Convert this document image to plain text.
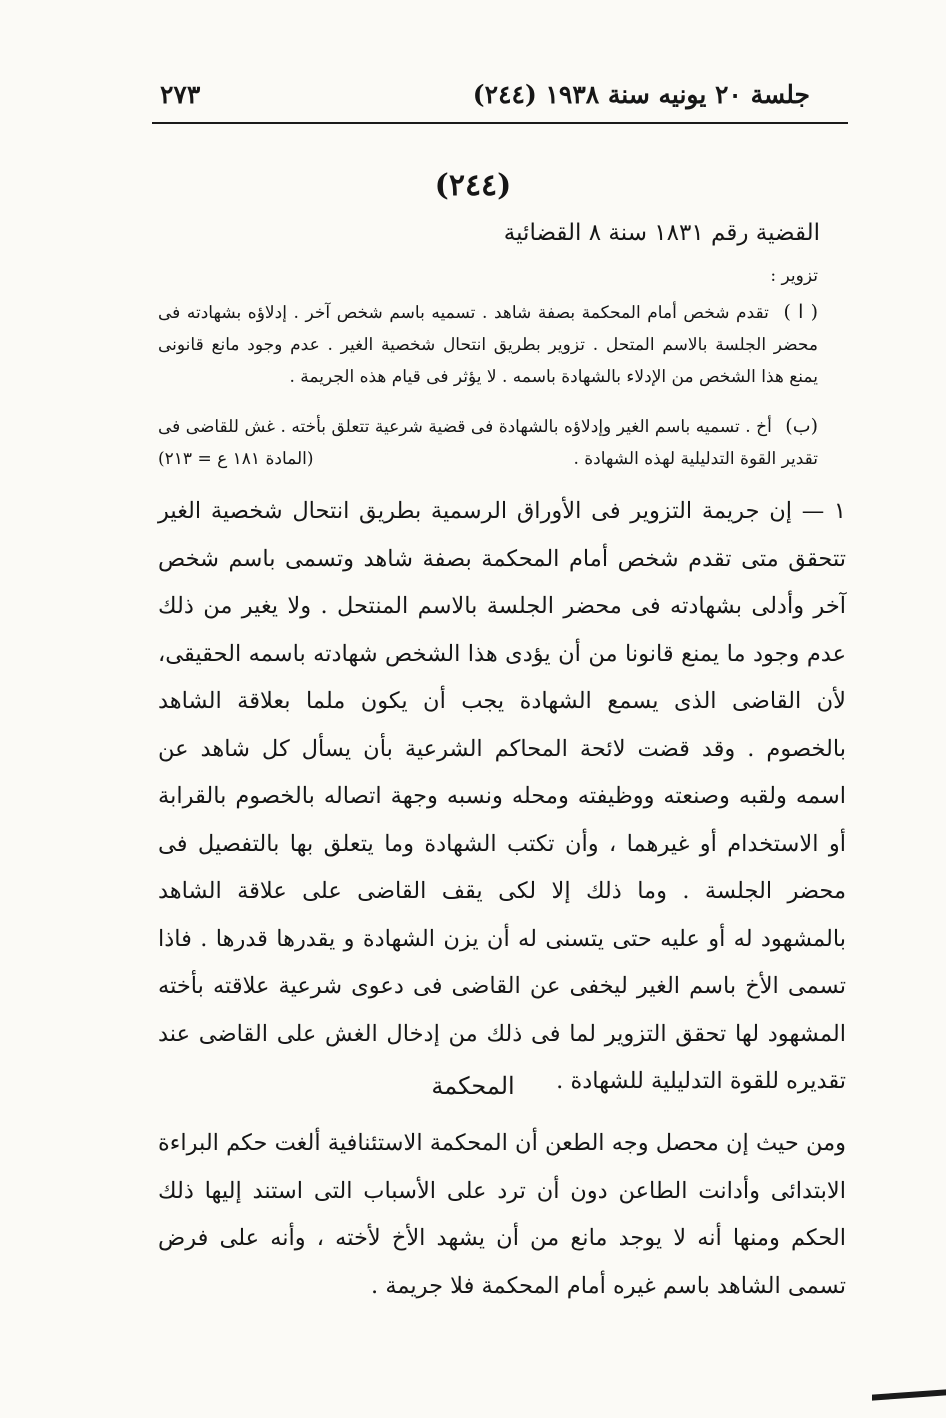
جلسة ٢٠ يونيه سنة ١٩٣٨ (٢٤٤)
٢٧٣
(٢٤٤)
القضية رقم ١٨٣١ سنة ٨ القضائية
تزوير :
( ا ) تقدم شخص أمام المحكمة بصفة شاهد . تسميه باسم شخص آخر . إدلاؤه بشهادته فى محضر الجلسة بالاسم المتحل . تزوير بطريق انتحال شخصية الغير . عدم وجود مانع قانونى يمنع هذا الشخص من الإدلاء بالشهادة باسمه . لا يؤثر فى قيام هذه الجريمة .
(ب) أخ . تسميه باسم الغير وإدلاؤه بالشهادة فى قضية شرعية تتعلق بأخته . غش للقاضى فى تقدير القوة التدليلية لهذه الشهادة .
(المادة ١٨١ ع = ٢١٣)
١ — إن جريمة التزوير فى الأوراق الرسمية بطريق انتحال شخصية الغير تتحقق متى تقدم شخص أمام المحكمة بصفة شاهد وتسمى باسم شخص آخر وأدلى بشهادته فى محضر الجلسة بالاسم المنتحل . ولا يغير من ذلك عدم وجود ما يمنع قانونا من أن يؤدى هذا الشخص شهادته باسمه الحقيقى، لأن القاضى الذى يسمع الشهادة يجب أن يكون ملما بعلاقة الشاهد بالخصوم . وقد قضت لائحة المحاكم الشرعية بأن يسأل كل شاهد عن اسمه ولقبه وصنعته ووظيفته ومحله ونسبه وجهة اتصاله بالخصوم بالقرابة أو الاستخدام أو غيرهما ، وأن تكتب الشهادة وما يتعلق بها بالتفصيل فى محضر الجلسة . وما ذلك إلا لكى يقف القاضى على علاقة الشاهد بالمشهود له أو عليه حتى يتسنى له أن يزن الشهادة و يقدرها قدرها . فاذا تسمى الأخ باسم الغير ليخفى عن القاضى فى دعوى شرعية علاقته بأخته المشهود لها تحقق التزوير لما فى ذلك من إدخال الغش على القاضى عند تقديره للقوة التدليلية للشهادة .
المحكمة
ومن حيث إن محصل وجه الطعن أن المحكمة الاستئنافية ألغت حكم البراءة الابتدائى وأدانت الطاعن دون أن ترد على الأسباب التى استند إليها ذلك الحكم ومنها أنه لا يوجد مانع من أن يشهد الأخ لأخته ، وأنه على فرض تسمى الشاهد باسم غيره أمام المحكمة فلا جريمة .
